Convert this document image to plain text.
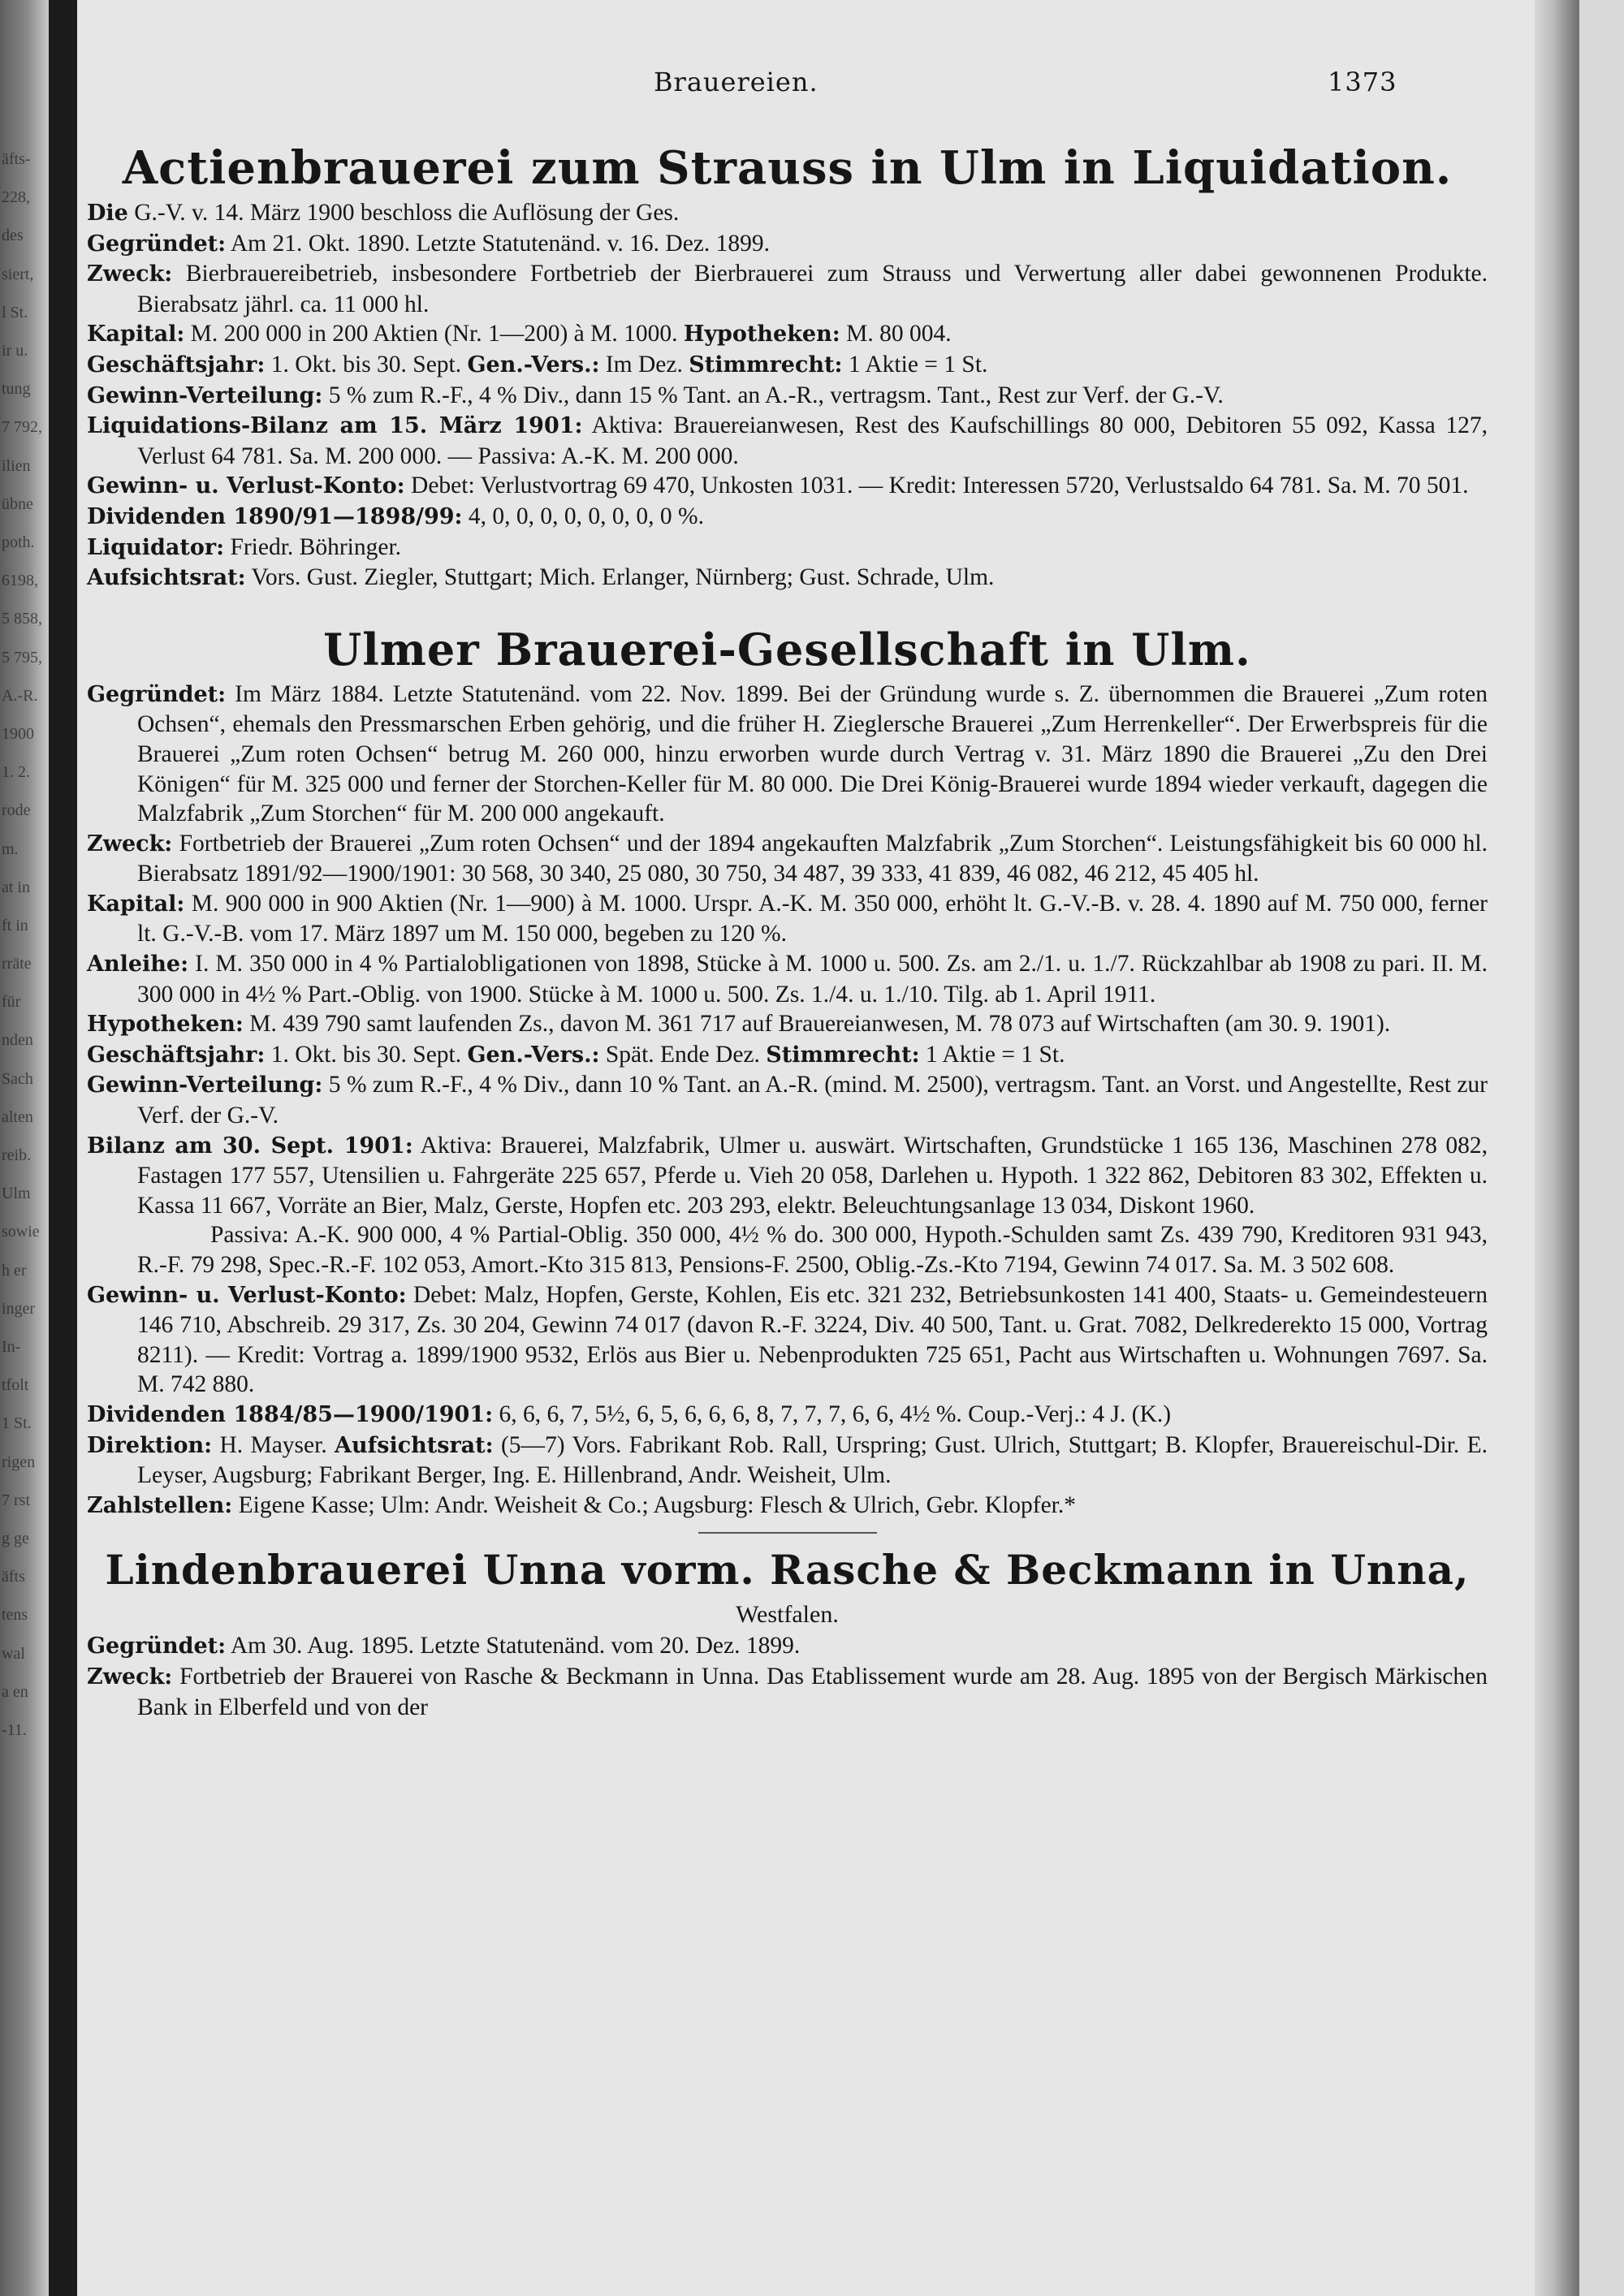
äfts-
228,
des
siert,
l St.
ir u.
tung
7 792,
ilien
übne
poth.
6198,
5 858,
5 795,
A.-R.
1900
1. 2.
rode
m.
at in
ft in
rräte
für
nden
Sach
alten
reib.
Ulm
sowie
h er
inger
In-
tfolt
1 St.
rigen
7 rst
g ge
äfts
tens
wal
a en
-11.
Brauereien.	1373
Actienbrauerei zum Strauss in Ulm in Liquidation.

Die G.-V. v. 14. März 1900 beschloss die Auflösung der Ges.

Gegründet: Am 21. Okt. 1890. Letzte Statutenänd. v. 16. Dez. 1899.

Zweck: Bierbrauereibetrieb, insbesondere Fortbetrieb der Bierbrauerei zum Strauss und Verwertung aller dabei gewonnenen Produkte. Bierabsatz jährl. ca. 11 000 hl.

Kapital: M. 200 000 in 200 Aktien (Nr. 1—200) à M. 1000. Hypotheken: M. 80 004.

Geschäftsjahr: 1. Okt. bis 30. Sept. Gen.-Vers.: Im Dez. Stimmrecht: 1 Aktie = 1 St.

Gewinn-Verteilung: 5 % zum R.-F., 4 % Div., dann 15 % Tant. an A.-R., vertragsm. Tant., Rest zur Verf. der G.-V.

Liquidations-Bilanz am 15. März 1901: Aktiva: Brauereianwesen, Rest des Kaufschillings 80 000, Debitoren 55 092, Kassa 127, Verlust 64 781. Sa. M. 200 000. — Passiva: A.-K. M. 200 000.

Gewinn- u. Verlust-Konto: Debet: Verlustvortrag 69 470, Unkosten 1031. — Kredit: Interessen 5720, Verlustsaldo 64 781. Sa. M. 70 501.

Dividenden 1890/91—1898/99: 4, 0, 0, 0, 0, 0, 0, 0, 0 %.

Liquidator: Friedr. Böhringer.

Aufsichtsrat: Vors. Gust. Ziegler, Stuttgart; Mich. Erlanger, Nürnberg; Gust. Schrade, Ulm.

Ulmer Brauerei-Gesellschaft in Ulm.

Gegründet: Im März 1884. Letzte Statutenänd. vom 22. Nov. 1899. Bei der Gründung wurde s. Z. übernommen die Brauerei „Zum roten Ochsen“, ehemals den Pressmarschen Erben gehörig, und die früher H. Zieglersche Brauerei „Zum Herrenkeller“. Der Erwerbspreis für die Brauerei „Zum roten Ochsen“ betrug M. 260 000, hinzu erworben wurde durch Vertrag v. 31. März 1890 die Brauerei „Zu den Drei Königen“ für M. 325 000 und ferner der Storchen-Keller für M. 80 000. Die Drei König-Brauerei wurde 1894 wieder verkauft, dagegen die Malzfabrik „Zum Storchen“ für M. 200 000 angekauft.

Zweck: Fortbetrieb der Brauerei „Zum roten Ochsen“ und der 1894 angekauften Malzfabrik „Zum Storchen“. Leistungsfähigkeit bis 60 000 hl. Bierabsatz 1891/92—1900/1901: 30 568, 30 340, 25 080, 30 750, 34 487, 39 333, 41 839, 46 082, 46 212, 45 405 hl.

Kapital: M. 900 000 in 900 Aktien (Nr. 1—900) à M. 1000. Urspr. A.-K. M. 350 000, erhöht lt. G.-V.-B. v. 28. 4. 1890 auf M. 750 000, ferner lt. G.-V.-B. vom 17. März 1897 um M. 150 000, begeben zu 120 %.

Anleihe: I. M. 350 000 in 4 % Partialobligationen von 1898, Stücke à M. 1000 u. 500. Zs. am 2./1. u. 1./7. Rückzahlbar ab 1908 zu pari. II. M. 300 000 in 4½ % Part.-Oblig. von 1900. Stücke à M. 1000 u. 500. Zs. 1./4. u. 1./10. Tilg. ab 1. April 1911.

Hypotheken: M. 439 790 samt laufenden Zs., davon M. 361 717 auf Brauereianwesen, M. 78 073 auf Wirtschaften (am 30. 9. 1901).

Geschäftsjahr: 1. Okt. bis 30. Sept. Gen.-Vers.: Spät. Ende Dez. Stimmrecht: 1 Aktie = 1 St.

Gewinn-Verteilung: 5 % zum R.-F., 4 % Div., dann 10 % Tant. an A.-R. (mind. M. 2500), vertragsm. Tant. an Vorst. und Angestellte, Rest zur Verf. der G.-V.

Bilanz am 30. Sept. 1901: Aktiva: Brauerei, Malzfabrik, Ulmer u. auswärt. Wirtschaften, Grundstücke 1 165 136, Maschinen 278 082, Fastagen 177 557, Utensilien u. Fahrgeräte 225 657, Pferde u. Vieh 20 058, Darlehen u. Hypoth. 1 322 862, Debitoren 83 302, Effekten u. Kassa 11 667, Vorräte an Bier, Malz, Gerste, Hopfen etc. 203 293, elektr. Beleuchtungsanlage 13 034, Diskont 1960.

Passiva: A.-K. 900 000, 4 % Partial-Oblig. 350 000, 4½ % do. 300 000, Hypoth.-Schulden samt Zs. 439 790, Kreditoren 931 943, R.-F. 79 298, Spec.-R.-F. 102 053, Amort.-Kto 315 813, Pensions-F. 2500, Oblig.-Zs.-Kto 7194, Gewinn 74 017. Sa. M. 3 502 608.

Gewinn- u. Verlust-Konto: Debet: Malz, Hopfen, Gerste, Kohlen, Eis etc. 321 232, Betriebsunkosten 141 400, Staats- u. Gemeindesteuern 146 710, Abschreib. 29 317, Zs. 30 204, Gewinn 74 017 (davon R.-F. 3224, Div. 40 500, Tant. u. Grat. 7082, Delkrederekto 15 000, Vortrag 8211). — Kredit: Vortrag a. 1899/1900 9532, Erlös aus Bier u. Nebenprodukten 725 651, Pacht aus Wirtschaften u. Wohnungen 7697. Sa. M. 742 880.

Dividenden 1884/85—1900/1901: 6, 6, 6, 7, 5½, 6, 5, 6, 6, 6, 8, 7, 7, 7, 6, 6, 4½ %. Coup.-Verj.: 4 J. (K.)

Direktion: H. Mayser. Aufsichtsrat: (5—7) Vors. Fabrikant Rob. Rall, Urspring; Gust. Ulrich, Stuttgart; B. Klopfer, Brauereischul-Dir. E. Leyser, Augsburg; Fabrikant Berger, Ing. E. Hillenbrand, Andr. Weisheit, Ulm.

Zahlstellen: Eigene Kasse; Ulm: Andr. Weisheit & Co.; Augsburg: Flesch & Ulrich, Gebr. Klopfer.*

Lindenbrauerei Unna vorm. Rasche & Beckmann in Unna,

Westfalen.

Gegründet: Am 30. Aug. 1895. Letzte Statutenänd. vom 20. Dez. 1899.

Zweck: Fortbetrieb der Brauerei von Rasche & Beckmann in Unna. Das Etablissement wurde am 28. Aug. 1895 von der Bergisch Märkischen Bank in Elberfeld und von der
